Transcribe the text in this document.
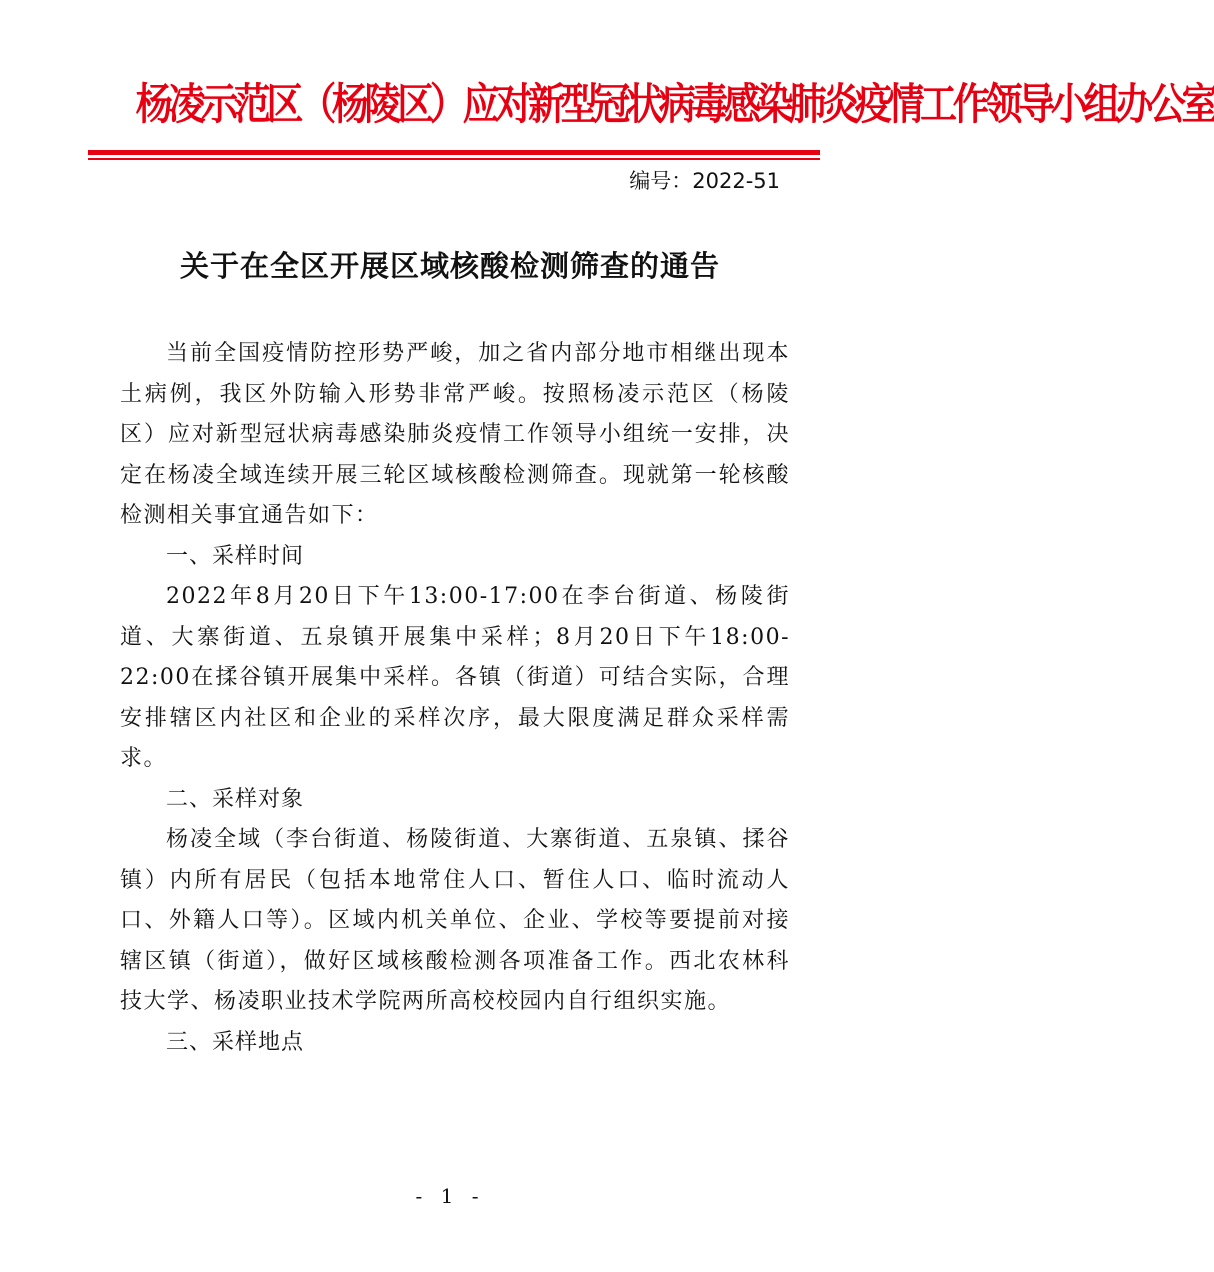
杨凌示范区（杨陵区）应对新型冠状病毒感染肺炎疫情工作领导小组办公室
编号：2022-51
关于在全区开展区域核酸检测筛查的通告

当前全国疫情防控形势严峻，加之省内部分地市相继出现本土病例，我区外防输入形势非常严峻。按照杨凌示范区（杨陵区）应对新型冠状病毒感染肺炎疫情工作领导小组统一安排，决定在杨凌全域连续开展三轮区域核酸检测筛查。现就第一轮核酸检测相关事宜通告如下：

一、采样时间

2022年8月20日下午13:00-17:00在李台街道、杨陵街道、大寨街道、五泉镇开展集中采样；8月20日下午18:00-22:00在揉谷镇开展集中采样。各镇（街道）可结合实际，合理安排辖区内社区和企业的采样次序，最大限度满足群众采样需求。

二、采样对象

杨凌全域（李台街道、杨陵街道、大寨街道、五泉镇、揉谷镇）内所有居民（包括本地常住人口、暂住人口、临时流动人口、外籍人口等）。区域内机关单位、企业、学校等要提前对接辖区镇（街道），做好区域核酸检测各项准备工作。西北农林科技大学、杨凌职业技术学院两所高校校园内自行组织实施。

三、采样地点

- 1 -
